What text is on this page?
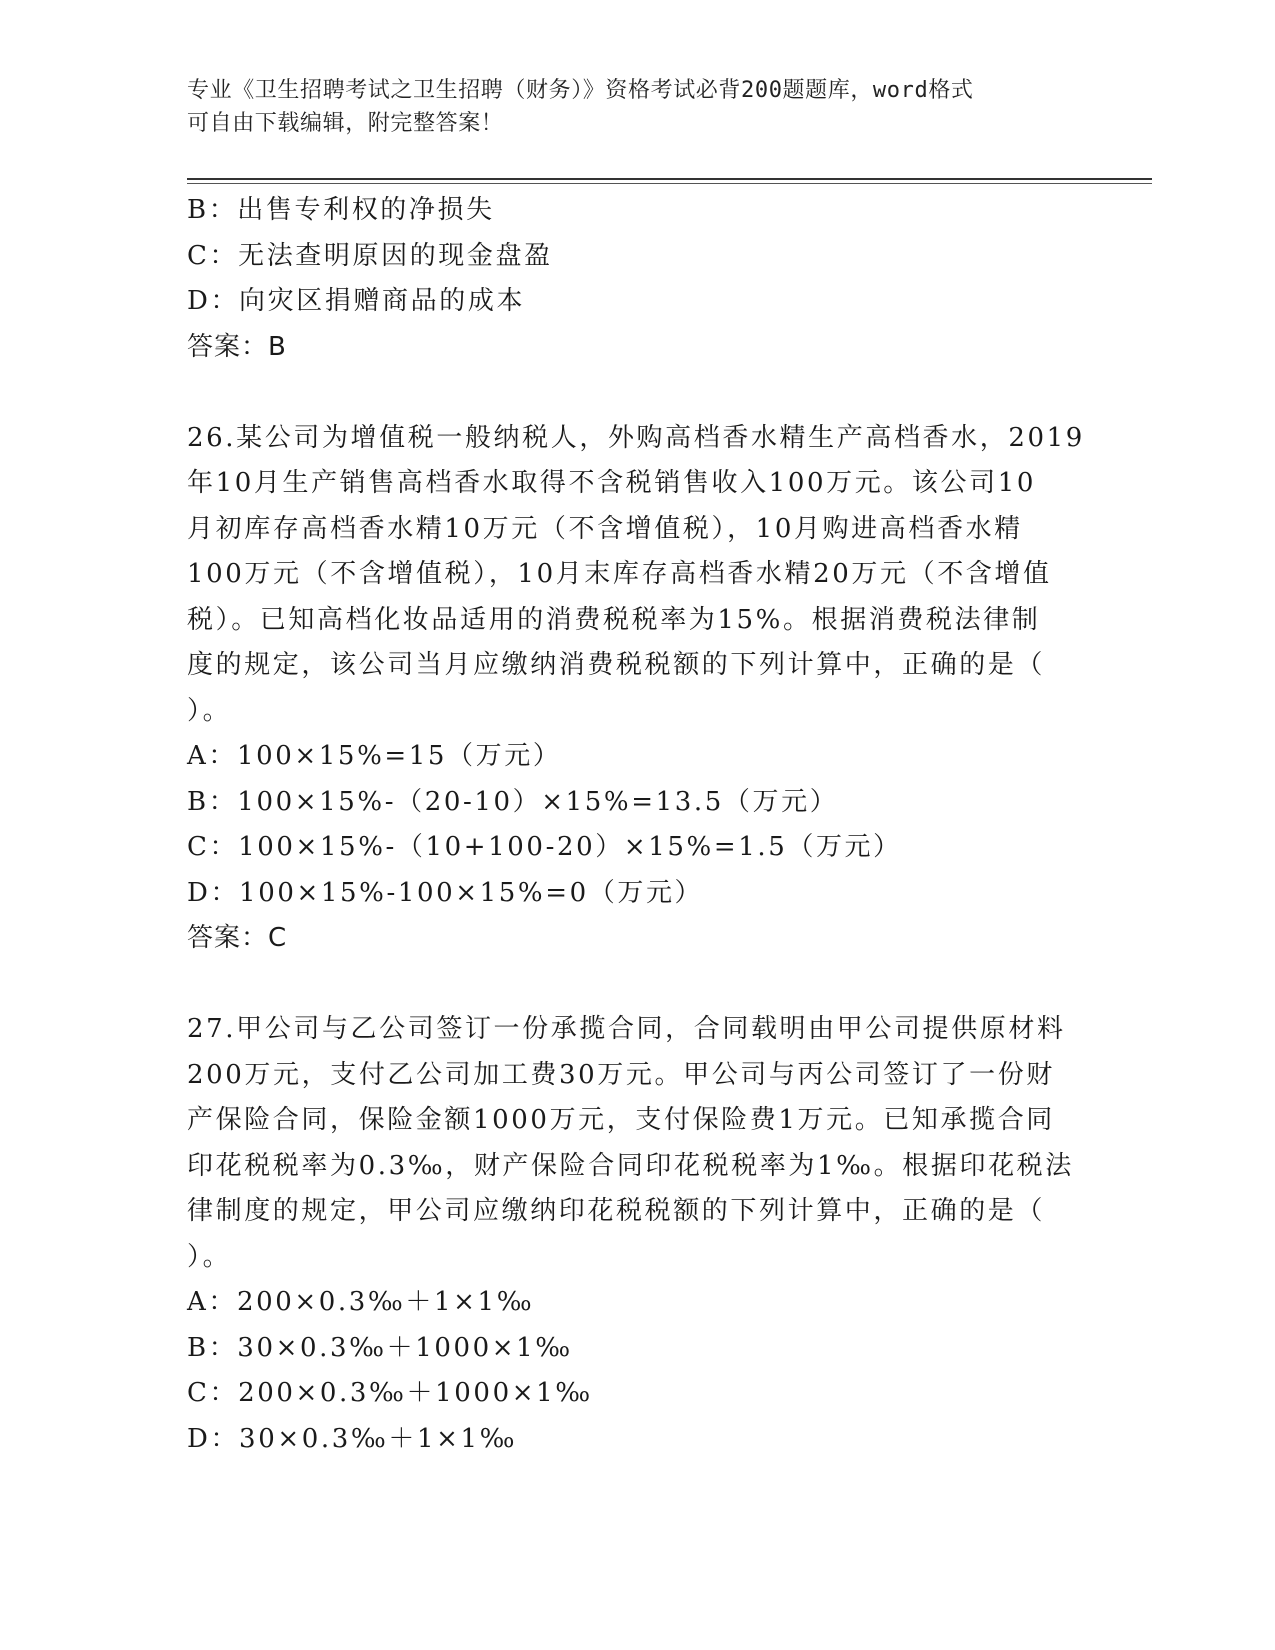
专业《卫生招聘考试之卫生招聘（财务）》资格考试必背200题题库，word格式
可自由下载编辑，附完整答案！

B：出售专利权的净损失

C：无法查明原因的现金盘盈

D：向灾区捐赠商品的成本

答案：B

26.某公司为增值税一般纳税人，外购高档香水精生产高档香水，2019

年10月生产销售高档香水取得不含税销售收入100万元。该公司10

月初库存高档香水精10万元（不含增值税），10月购进高档香水精

100万元（不含增值税），10月末库存高档香水精20万元（不含增值

税）。已知高档化妆品适用的消费税税率为15%。根据消费税法律制

度的规定，该公司当月应缴纳消费税税额的下列计算中，正确的是（

）。

A：100×15%=15（万元）

B：100×15%-（20-10）×15%=13.5（万元）

C：100×15%-（10+100-20）×15%=1.5（万元）

D：100×15%-100×15%=0（万元）

答案：C

27.甲公司与乙公司签订一份承揽合同，合同载明由甲公司提供原材料

200万元，支付乙公司加工费30万元。甲公司与丙公司签订了一份财

产保险合同，保险金额1000万元，支付保险费1万元。已知承揽合同

印花税税率为0.3‰，财产保险合同印花税税率为1‰。根据印花税法

律制度的规定，甲公司应缴纳印花税税额的下列计算中，正确的是（

）。

A：200×0.3‰＋1×1‰

B：30×0.3‰＋1000×1‰

C：200×0.3‰＋1000×1‰

D：30×0.3‰＋1×1‰
